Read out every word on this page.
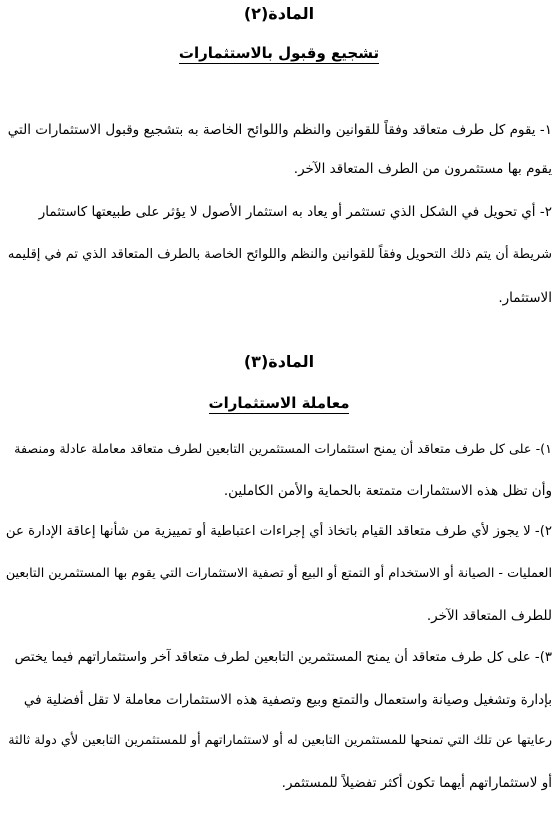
المادة(٢)
تشجيع وقبول بالاستثمارات
١- يقوم كل طرف متعاقد وفقاً للقوانين والنظم واللوائح الخاصة به بتشجيع وقبول الاستثمارات التي
يقوم بها مستثمرون من الطرف المتعاقد الآخر.
٢- أي تحويل في الشكل الذي تستثمر أو يعاد به استثمار الأصول لا يؤثر على طبيعتها كاستثمار
شريطة أن يتم ذلك التحويل وفقاً للقوانين والنظم واللوائح الخاصة بالطرف المتعاقد الذي تم في إقليمه
الاستثمار.
المادة(٣)
معاملة الاستثمارات
١)- على كل طرف متعاقد أن يمنح استثمارات المستثمرين التابعين لطرف متعاقد معاملة عادلة ومنصفة
وأن تظل هذه الاستثمارات متمتعة بالحماية والأمن الكاملين.
٢)- لا يجوز لأي طرف متعاقد القيام باتخاذ أي إجراءات اعتباطية أو تمييزية من شأنها إعاقة الإدارة عن
العمليات - الصيانة أو الاستخدام أو التمتع أو البيع أو تصفية الاستثمارات التي يقوم بها المستثمرين التابعين
للطرف المتعاقد الآخر.
٣)- على كل طرف متعاقد أن يمنح المستثمرين التابعين لطرف متعاقد آخر واستثماراتهم فيما يختص
بإدارة وتشغيل وصيانة واستعمال والتمتع وبيع وتصفية هذه الاستثمارات معاملة لا تقل أفضلية في
رعايتها عن تلك التي تمنحها للمستثمرين التابعين له أو لاستثماراتهم أو للمستثمرين التابعين لأي دولة ثالثة
أو لاستثماراتهم أيهما تكون أكثر تفضيلاً للمستثمر.
